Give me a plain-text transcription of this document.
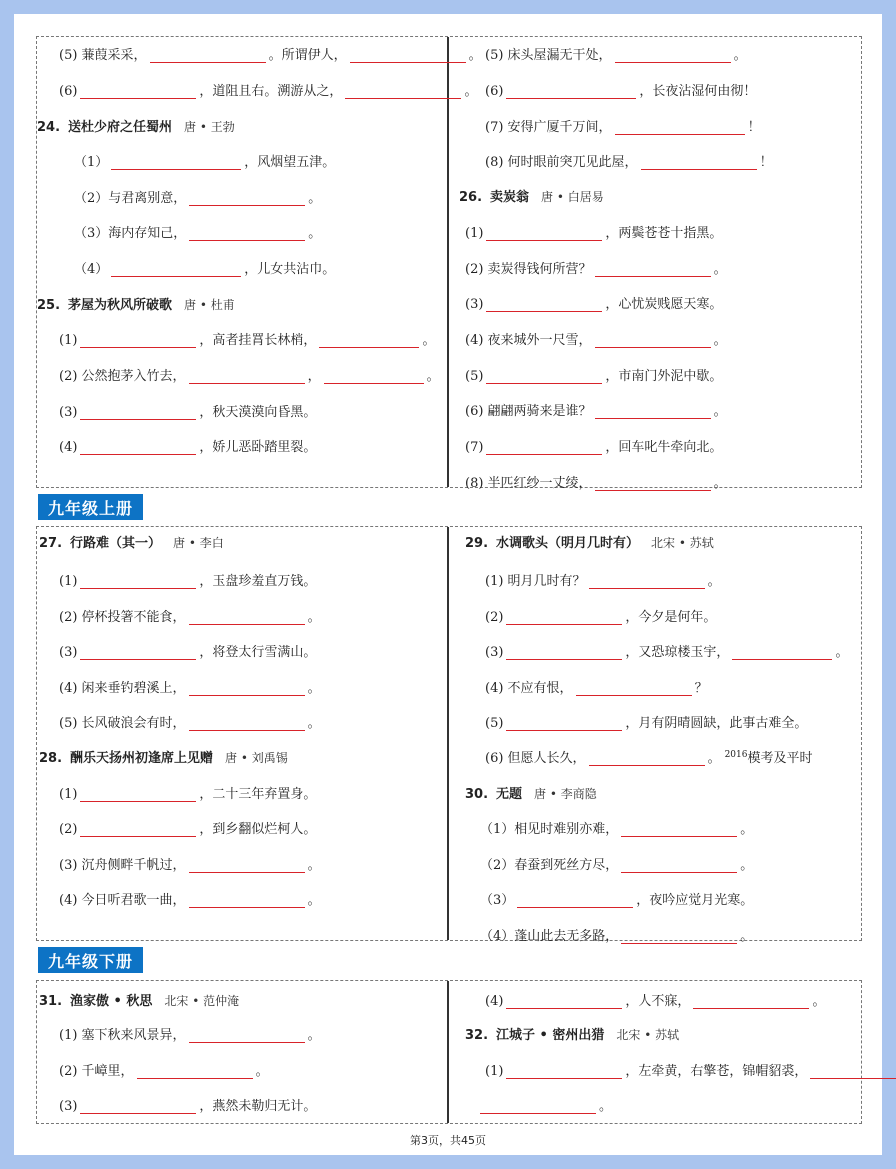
(5) 蒹葭采采，	。所谓伊人，	。
(6)	，道阻且右。溯游从之，	。
24. 送杜少府之任蜀州 唐 • 王勃
（1）	，风烟望五津。
（2）与君离别意，	。
（3）海内存知己，	。
（4）	，儿女共沾巾。
25. 茅屋为秋风所破歌 唐 • 杜甫
(1)	，高者挂罥长林梢，	。
(2) 公然抱茅入竹去，	，	。
(3)	，秋天漠漠向昏黑。
(4)	，娇儿恶卧踏里裂。
(5) 床头屋漏无干处，	。
(6)	，长夜沾湿何由彻！
(7) 安得广厦千万间，	！
(8) 何时眼前突兀见此屋，	！
26. 卖炭翁 唐 • 白居易
(1)	，两鬓苍苍十指黑。
(2) 卖炭得钱何所营？	。
(3)	，心忧炭贱愿天寒。
(4) 夜来城外一尺雪，	。
(5)	，市南门外泥中歇。
(6) 翩翩两骑来是谁？	。
(7)	，回车叱牛牵向北。
(8) 半匹红纱一丈绫，	。
九年级上册
27. 行路难（其一） 唐 • 李白
(1)	，玉盘珍羞直万钱。
(2) 停杯投箸不能食，	。
(3)	，将登太行雪满山。
(4) 闲来垂钓碧溪上，	。
(5) 长风破浪会有时，	。
28. 酬乐天扬州初逢席上见赠 唐 • 刘禹锡
(1)	，二十三年弃置身。
(2)	，到乡翻似烂柯人。
(3) 沉舟侧畔千帆过，	。
(4) 今日听君歌一曲，	。
29. 水调歌头（明月几时有） 北宋 • 苏轼
(1) 明月几时有？	。
(2)	，今夕是何年。
(3)	，又恐琼楼玉宇，	。
(4) 不应有恨，	？
(5)	，月有阴晴圆缺，此事古难全。
(6) 但愿人长久，	。 2016 模考及平时
30. 无题 唐 • 李商隐
（1）相见时难别亦难，	。
（2）春蚕到死丝方尽，	。
（3）	，夜吟应觉月光寒。
（4）蓬山此去无多路，	。
九年级下册
31. 渔家傲 • 秋思 北宋 • 范仲淹
(1) 塞下秋来风景异，	。
(2) 千嶂里，	。
(3)	，燕然未勒归无计。
(4)	，人不寐，	。
32. 江城子 • 密州出猎 北宋 • 苏轼
(1)	，左牵黄，右擎苍，锦帽貂裘，
。
第3页，共45页
